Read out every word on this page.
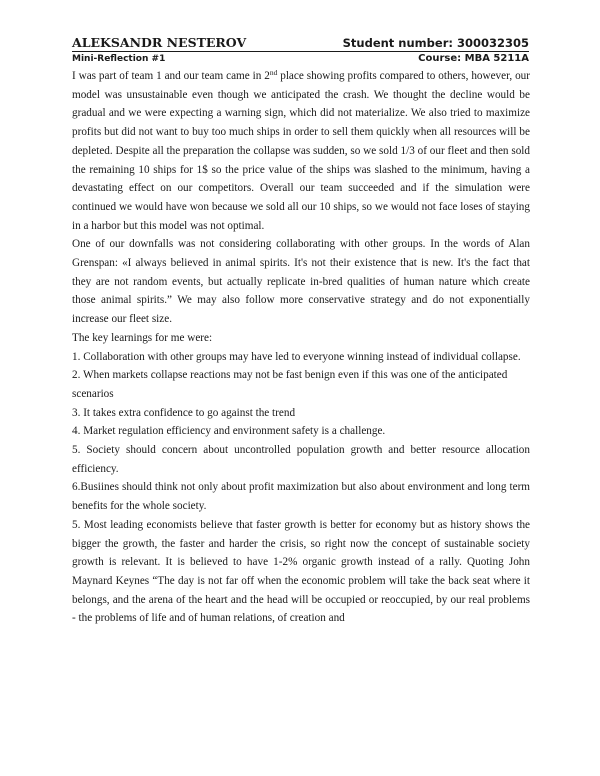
ALEKSANDR NESTEROV	Student number: 300032305
Mini-Reflection #1	Course: MBA 5211A

I was part of team 1 and our team came in 2nd place showing profits compared to others, however, our model was unsustainable even though we anticipated the crash. We thought the decline would be gradual and we were expecting a warning sign, which did not materialize. We also tried to maximize profits but did not want to buy too much ships in order to sell them quickly when all resources will be depleted. Despite all the preparation the collapse was sudden, so we sold 1/3 of our fleet and then sold the remaining 10 ships for 1$ so the price value of the ships was slashed to the minimum, having a devastating effect on our competitors. Overall our team succeeded and if the simulation were continued we would have won because we sold all our 10 ships, so we would not face loses of staying in a harbor but this model was not optimal.

One of our downfalls was not considering collaborating with other groups. In the words of Alan Grenspan: «I always believed in animal spirits. It's not their existence that is new. It's the fact that they are not random events, but actually replicate in-bred qualities of human nature which create those animal spirits.” We may also follow more conservative strategy and do not exponentially increase our fleet size.

The key learnings for me were:

1. Collaboration with other groups may have led to everyone winning instead of individual collapse.

2. When markets collapse reactions may not be fast benign even if this was one of the anticipated scenarios

3. It takes extra confidence to go against the trend

4. Market regulation efficiency and environment safety is a challenge.

5. Society should concern about uncontrolled population growth and better resource allocation efficiency.

6.Busiines should think not only about profit maximization but also about environment and long term benefits for the whole society.

5. Most leading economists believe that faster growth is better for economy but as history shows the bigger the growth, the faster and harder the crisis, so right now the concept of sustainable society growth is relevant. It is believed to have 1-2% organic growth instead of a rally. Quoting John Maynard Keynes “The day is not far off when the economic problem will take the back seat where it belongs, and the arena of the heart and the head will be occupied or reoccupied, by our real problems - the problems of life and of human relations, of creation and
